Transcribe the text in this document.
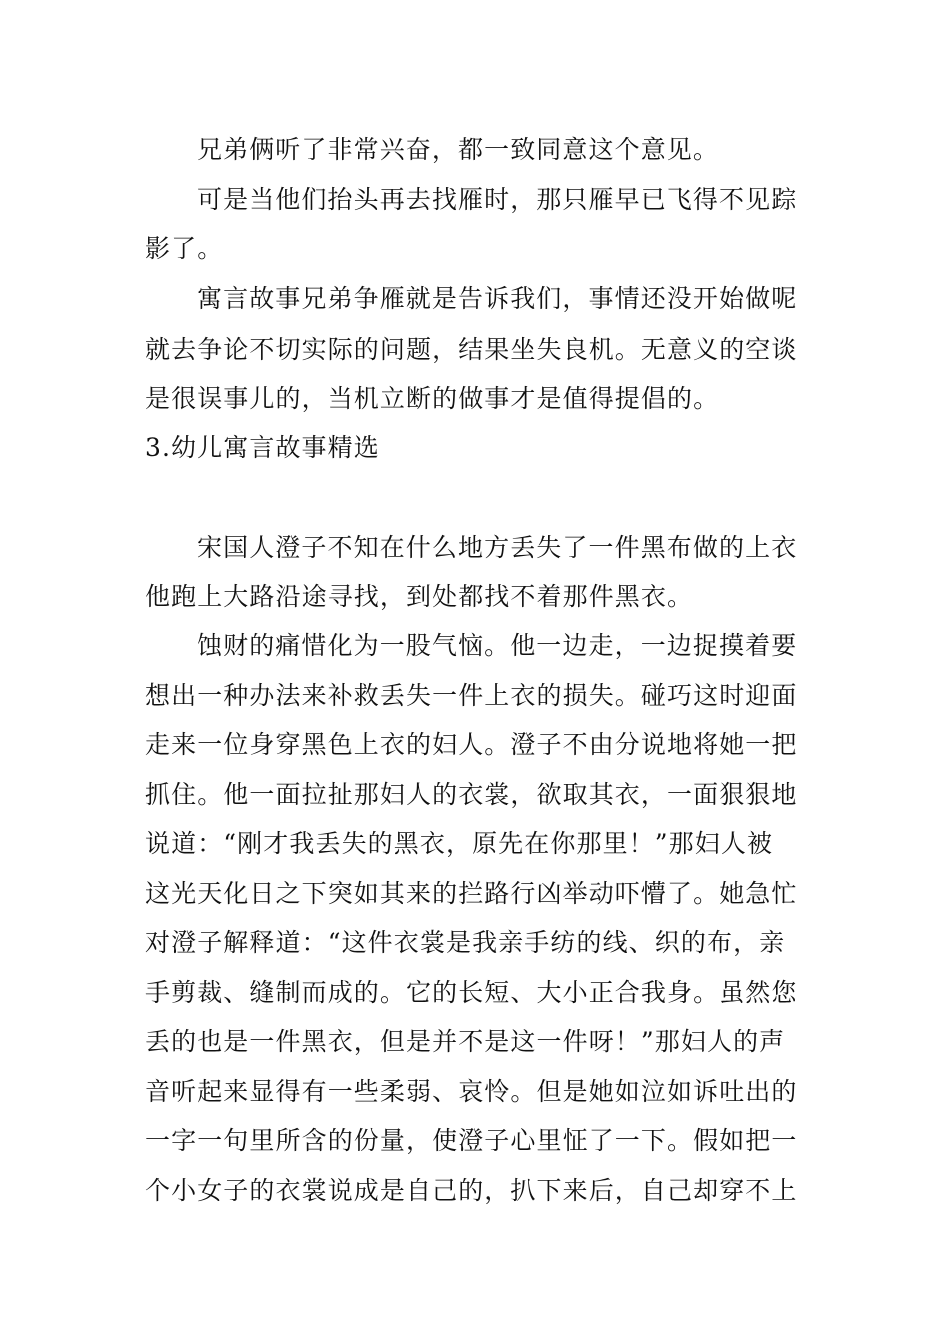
兄弟俩听了非常兴奋，都一致同意这个意见。
可是当他们抬头再去找雁时，那只雁早已飞得不见踪
影了。
寓言故事兄弟争雁就是告诉我们，事情还没开始做呢
就去争论不切实际的问题，结果坐失良机。无意义的空谈
是很误事儿的，当机立断的做事才是值得提倡的。
3.幼儿寓言故事精选
宋国人澄子不知在什么地方丢失了一件黑布做的上衣
他跑上大路沿途寻找，到处都找不着那件黑衣。
蚀财的痛惜化为一股气恼。他一边走，一边捉摸着要
想出一种办法来补救丢失一件上衣的损失。碰巧这时迎面
走来一位身穿黑色上衣的妇人。澄子不由分说地将她一把
抓住。他一面拉扯那妇人的衣裳，欲取其衣，一面狠狠地
说道：“刚才我丢失的黑衣，原先在你那里！”那妇人被
这光天化日之下突如其来的拦路行凶举动吓懵了。她急忙
对澄子解释道：“这件衣裳是我亲手纺的线、织的布，亲
手剪裁、缝制而成的。它的长短、大小正合我身。虽然您
丢的也是一件黑衣，但是并不是这一件呀！”那妇人的声
音听起来显得有一些柔弱、哀怜。但是她如泣如诉吐出的
一字一句里所含的份量，使澄子心里怔了一下。假如把一
个小女子的衣裳说成是自己的，扒下来后，自己却穿不上
